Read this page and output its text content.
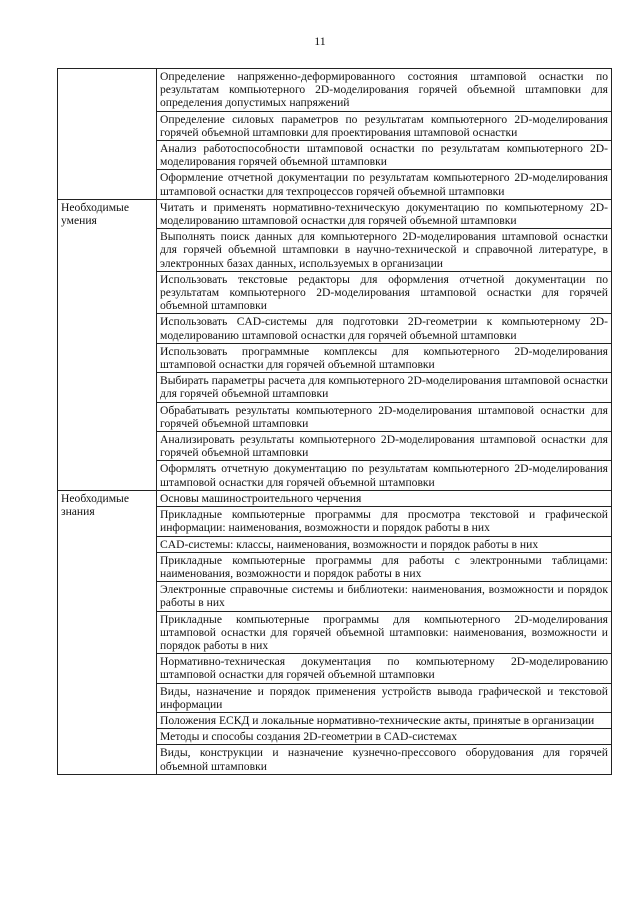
11
	Определение напряженно-деформированного состояния штамповой оснастки по результатам компьютерного 2D-моделирования горячей объемной штамповки для определения допустимых напряжений
	Определение силовых параметров по результатам компьютерного 2D-моделирования горячей объемной штамповки для проектирования штамповой оснастки
	Анализ работоспособности штамповой оснастки по результатам компьютерного 2D-моделирования горячей объемной штамповки
	Оформление отчетной документации по результатам компьютерного 2D-моделирования штамповой оснастки для техпроцессов горячей объемной штамповки
Необходимые умения	Читать и применять нормативно-техническую документацию по компьютерному 2D-моделированию штамповой оснастки для горячей объемной штамповки
	Выполнять поиск данных для компьютерного 2D-моделирования штамповой оснастки для горячей объемной штамповки в научно-технической и справочной литературе, в электронных базах данных, используемых в организации
	Использовать текстовые редакторы для оформления отчетной документации по результатам компьютерного 2D-моделирования штамповой оснастки для горячей объемной штамповки
	Использовать CAD-системы для подготовки 2D-геометрии к компьютерному 2D-моделированию штамповой оснастки для горячей объемной штамповки
	Использовать программные комплексы для компьютерного 2D-моделирования штамповой оснастки для горячей объемной штамповки
	Выбирать параметры расчета для компьютерного 2D-моделирования штамповой оснастки для горячей объемной штамповки
	Обрабатывать результаты компьютерного 2D-моделирования штамповой оснастки для горячей объемной штамповки
	Анализировать результаты компьютерного 2D-моделирования штамповой оснастки для горячей объемной штамповки
	Оформлять отчетную документацию по результатам компьютерного 2D-моделирования штамповой оснастки для горячей объемной штамповки
Необходимые знания	Основы машиностроительного черчения
	Прикладные компьютерные программы для просмотра текстовой и графической информации: наименования, возможности и порядок работы в них
	CAD-системы: классы, наименования, возможности и порядок работы в них
	Прикладные компьютерные программы для работы с электронными таблицами: наименования, возможности и порядок работы в них
	Электронные справочные системы и библиотеки: наименования, возможности и порядок работы в них
	Прикладные компьютерные программы для компьютерного 2D-моделирования штамповой оснастки для горячей объемной штамповки: наименования, возможности и порядок работы в них
	Нормативно-техническая документация по компьютерному 2D-моделированию штамповой оснастки для горячей объемной штамповки
	Виды, назначение и порядок применения устройств вывода графической и текстовой информации
	Положения ЕСКД и локальные нормативно-технические акты, принятые в организации
	Методы и способы создания 2D-геометрии в CAD-системах
	Виды, конструкции и назначение кузнечно-прессового оборудования для горячей объемной штамповки
